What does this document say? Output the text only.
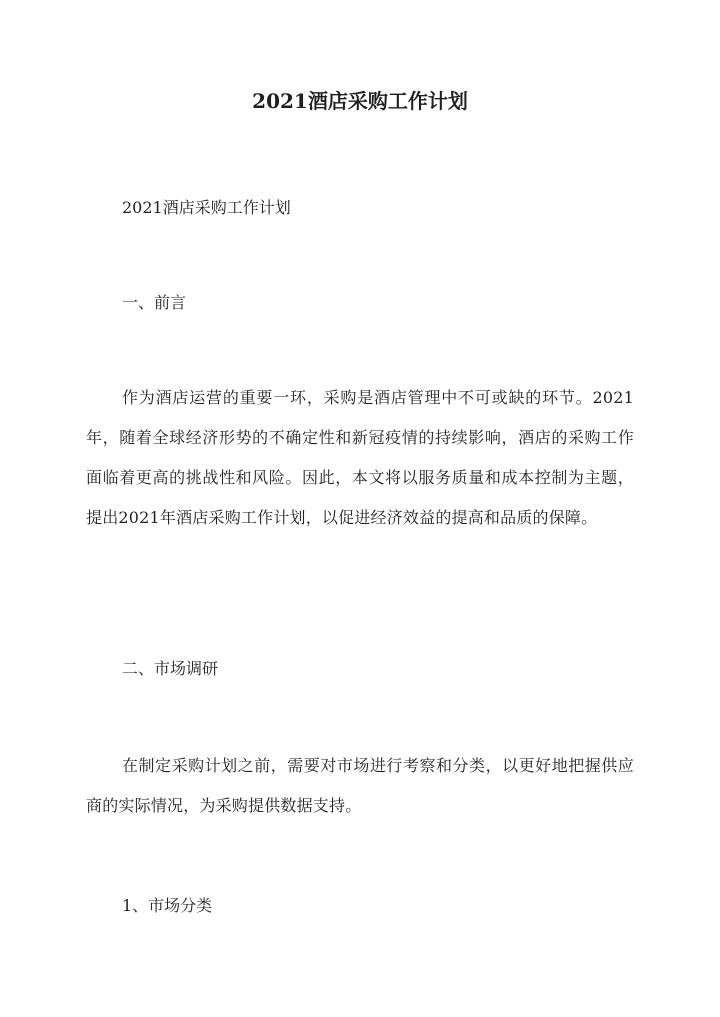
2021酒店采购工作计划

2021酒店采购工作计划

一、前言

作为酒店运营的重要一环，采购是酒店管理中不可或缺的环节。2021年，随着全球经济形势的不确定性和新冠疫情的持续影响，酒店的采购工作面临着更高的挑战性和风险。因此，本文将以服务质量和成本控制为主题，提出2021年酒店采购工作计划，以促进经济效益的提高和品质的保障。

二、市场调研

在制定采购计划之前，需要对市场进行考察和分类，以更好地把握供应商的实际情况，为采购提供数据支持。

1、市场分类
